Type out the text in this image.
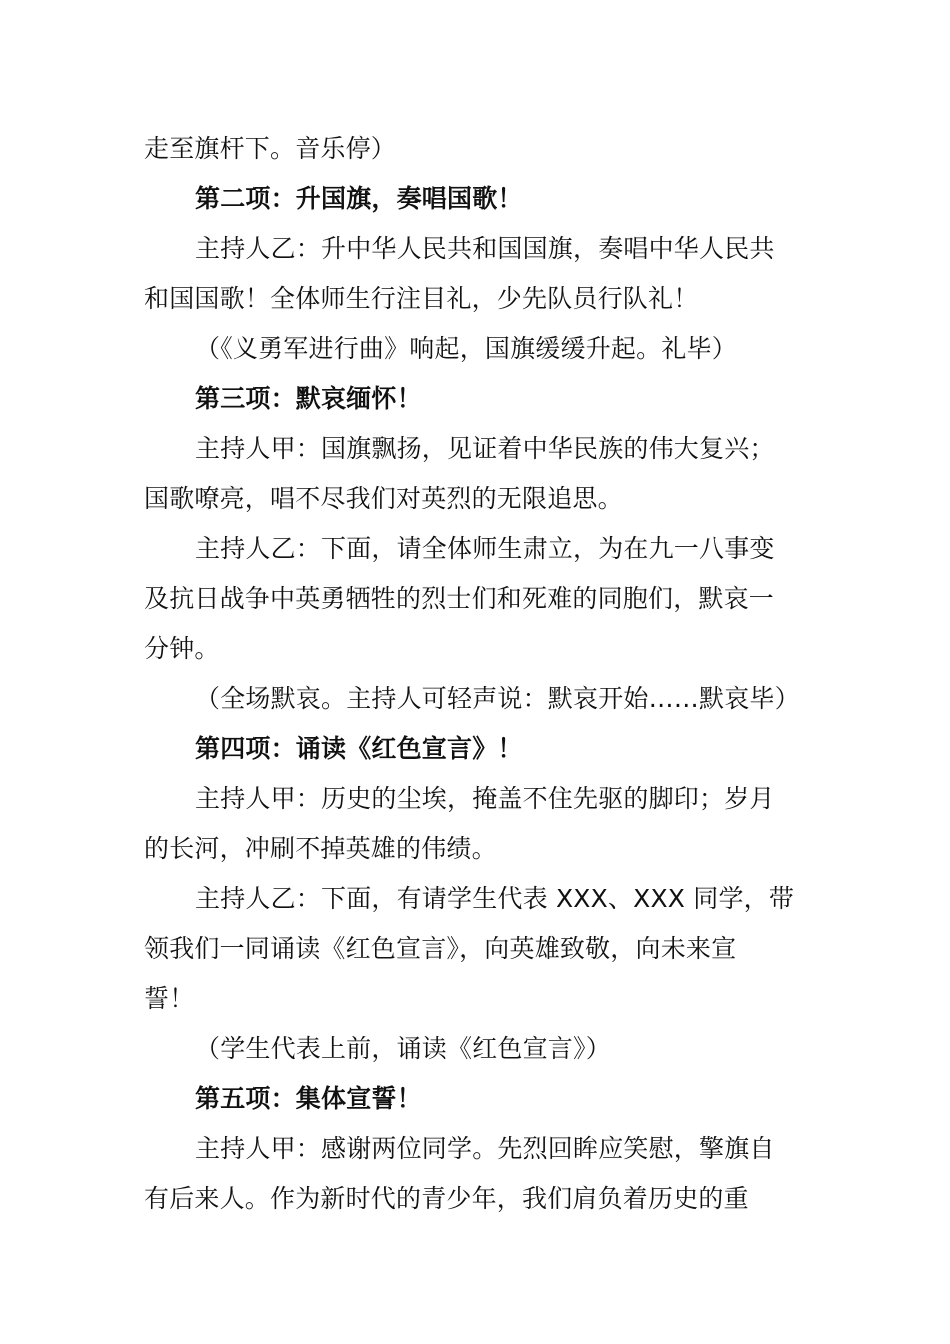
走至旗杆下。音乐停）
第二项：升国旗，奏唱国歌！
主持人乙：升中华人民共和国国旗，奏唱中华人民共
和国国歌！全体师生行注目礼，少先队员行队礼！
（《义勇军进行曲》响起，国旗缓缓升起。礼毕）
第三项：默哀缅怀！
主持人甲：国旗飘扬，见证着中华民族的伟大复兴；
国歌嘹亮，唱不尽我们对英烈的无限追思。
主持人乙：下面，请全体师生肃立，为在九一八事变
及抗日战争中英勇牺牲的烈士们和死难的同胞们，默哀一
分钟。
（全场默哀。主持人可轻声说：默哀开始……默哀毕）
第四项：诵读《红色宣言》！
主持人甲：历史的尘埃，掩盖不住先驱的脚印；岁月
的长河，冲刷不掉英雄的伟绩。
主持人乙：下面，有请学生代表 XXX、XXX 同学，带
领我们一同诵读《红色宣言》，向英雄致敬，向未来宣
誓！
（学生代表上前，诵读《红色宣言》）
第五项：集体宣誓！
主持人甲：感谢两位同学。先烈回眸应笑慰，擎旗自
有后来人。作为新时代的青少年，我们肩负着历史的重
